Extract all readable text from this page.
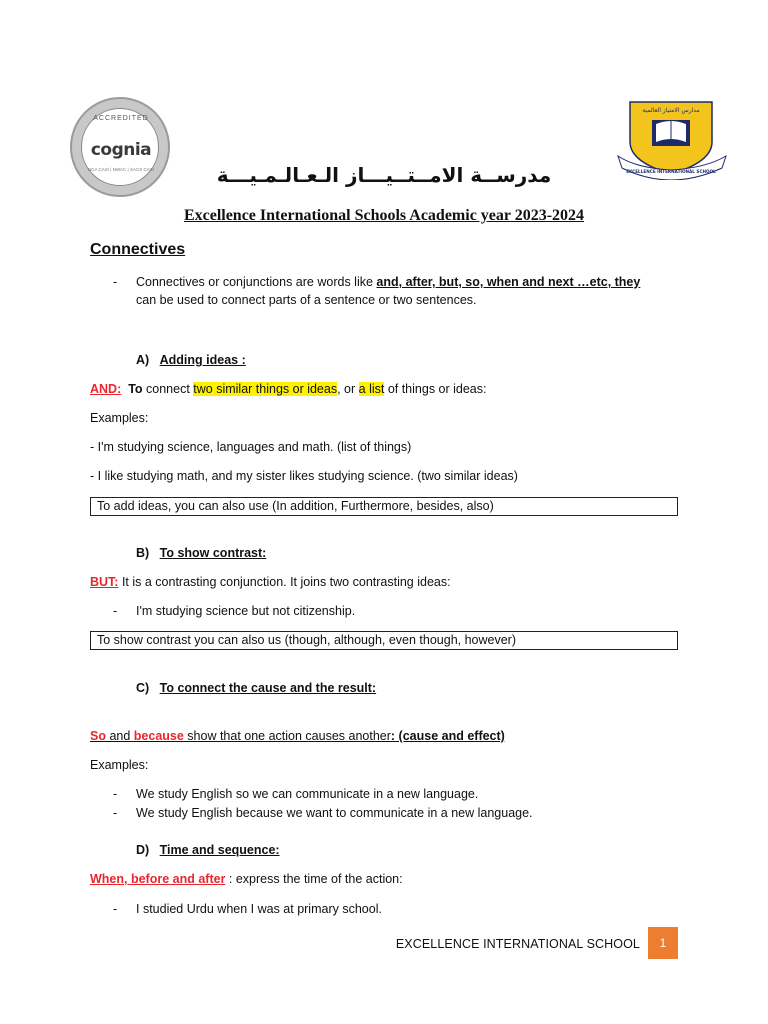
ACCREDITED
cognia
NCA CASI | NWAC | SACS CASI
مدارس الامتياز العالمية
EXCELLENCE INTERNATIONAL SCHOOL
مدرســة الامــتــيـــاز الـعـالـمـيـــة
Excellence International Schools Academic year 2023-2024
Connectives
- Connectives or conjunctions are words like and, after, but, so, when and next …etc, they
can be used to connect parts of a sentence or two sentences.
A) Adding ideas :
AND: To connect two similar things or ideas, or a list of things or ideas:
Examples:
- I'm studying science, languages and math. (list of things)
- I like studying math, and my sister likes studying science. (two similar ideas)
To add ideas, you can also use (In addition, Furthermore, besides, also)
B) To show contrast:
BUT: It is a contrasting conjunction. It joins two contrasting ideas:
- I'm studying science but not citizenship.
To show contrast you can also us (though, although, even though, however)
C) To connect the cause and the result:
So and because show that one action causes another: (cause and effect)
Examples:
- We study English so we can communicate in a new language.
- We study English because we want to communicate in a new language.
D) Time and sequence:
When, before and after : express the time of the action:
- I studied Urdu when I was at primary school.
EXCELLENCE INTERNATIONAL SCHOOL	1
